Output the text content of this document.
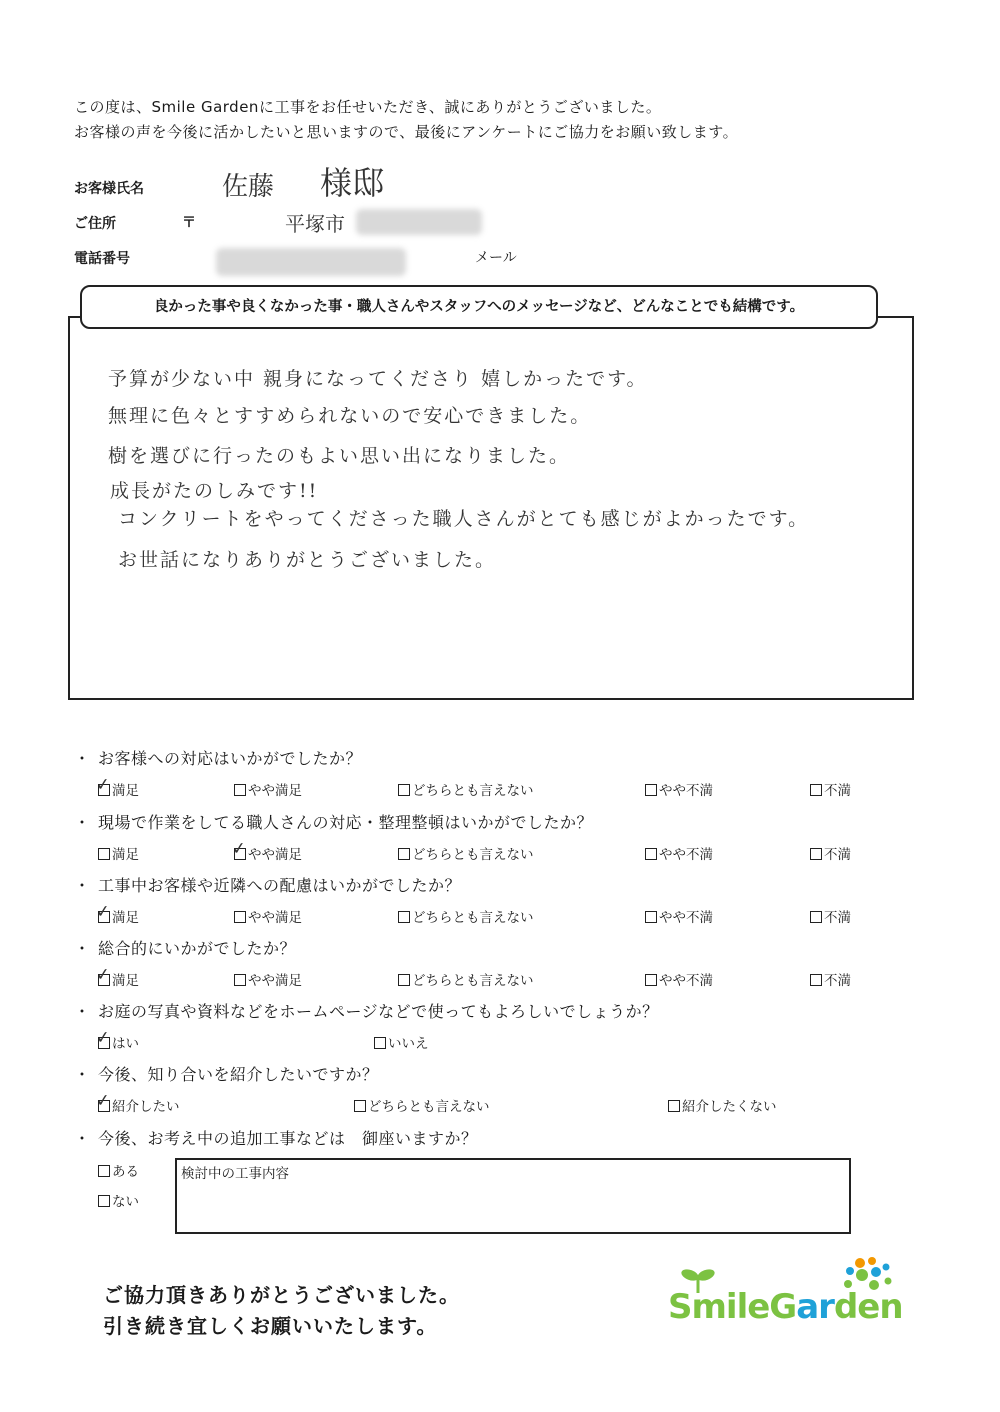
この度は、Smile Gardenに工事をお任せいただき、誠にありがとうございました。
お客様の声を今後に活かしたいと思いますので、最後にアンケートにご協力をお願い致します。
お客様氏名	佐藤 様邸
ご住所	〒	平塚市
電話番号	メール
良かった事や良くなかった事・職人さんやスタッフへのメッセージなど、どんなことでも結構です。
予算が少ない中 親身になってくださり 嬉しかったです。
無理に色々とすすめられないので安心できました。
樹を選びに行ったのもよい思い出になりました。
成長がたのしみです!!
コンクリートをやってくださった職人さんがとても感じがよかったです。
お世話になりありがとうございました。
・ お客様への対応はいかがでしたか？
✓ 満足	やや満足	どちらとも言えない	やや不満	不満
・ 現場で作業をしてる職人さんの対応・整理整頓はいかがでしたか？
満足	✓ やや満足	どちらとも言えない	やや不満	不満
・ 工事中お客様や近隣への配慮はいかがでしたか？
✓ 満足	やや満足	どちらとも言えない	やや不満	不満
・ 総合的にいかがでしたか？
✓ 満足	やや満足	どちらとも言えない	やや不満	不満
・ お庭の写真や資料などをホームページなどで使ってもよろしいでしょうか？
✓ はい	いいえ
・ 今後、知り合いを紹介したいですか？
✓ 紹介したい	どちらとも言えない	紹介したくない
・ 今後、お考え中の追加工事などは　御座いますか？
ある
ない
検討中の工事内容
ご協力頂きありがとうございました。
引き続き宜しくお願いいたします。	SmileGarden
